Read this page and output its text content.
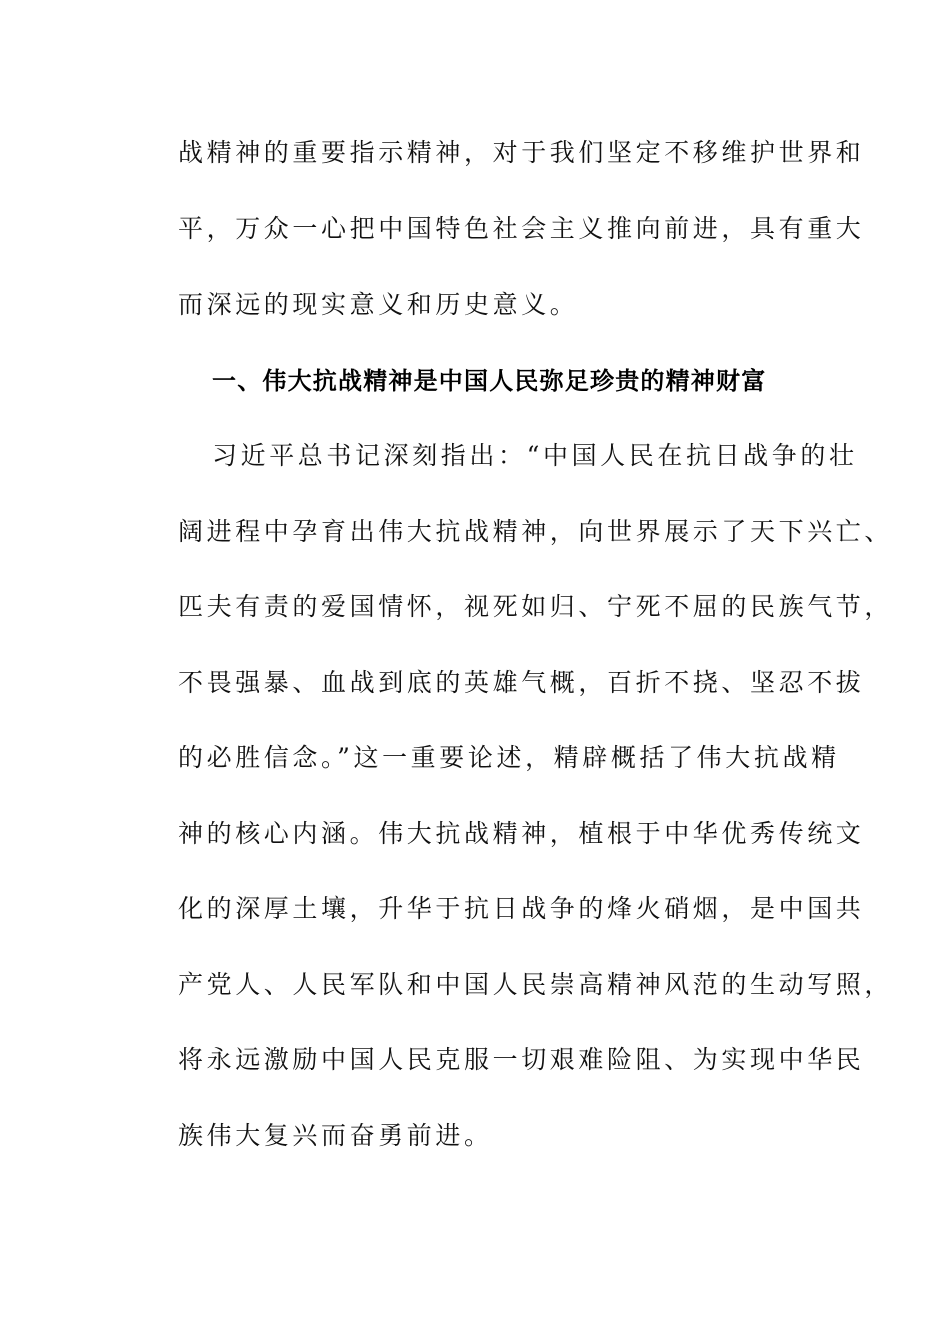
战精神的重要指示精神，对于我们坚定不移维护世界和
平，万众一心把中国特色社会主义推向前进，具有重大
而深远的现实意义和历史意义。
一、伟大抗战精神是中国人民弥足珍贵的精神财富
习近平总书记深刻指出：“中国人民在抗日战争的壮
阔进程中孕育出伟大抗战精神，向世界展示了天下兴亡、
匹夫有责的爱国情怀，视死如归、宁死不屈的民族气节，
不畏强暴、血战到底的英雄气概，百折不挠、坚忍不拔
的必胜信念。”这一重要论述，精辟概括了伟大抗战精
神的核心内涵。伟大抗战精神，植根于中华优秀传统文
化的深厚土壤，升华于抗日战争的烽火硝烟，是中国共
产党人、人民军队和中国人民崇高精神风范的生动写照，
将永远激励中国人民克服一切艰难险阻、为实现中华民
族伟大复兴而奋勇前进。
